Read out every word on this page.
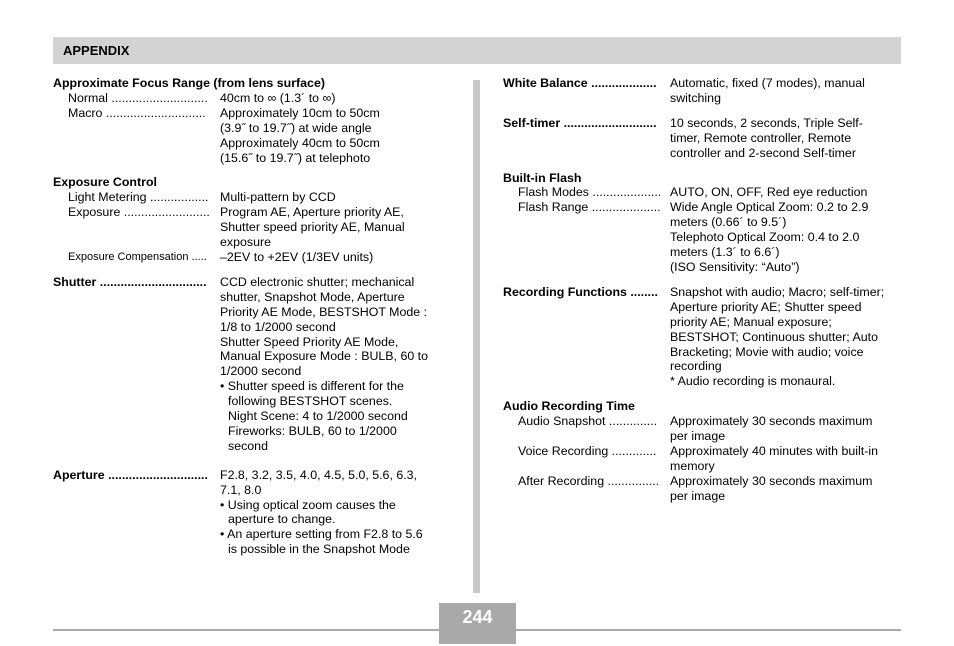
APPENDIX
Approximate Focus Range (from lens surface)
Normal ............................ 40cm to ∞ (1.3´ to ∞)
Macro .............................	Approximately 10cm to 50cm
(3.9˝ to 19.7˝) at wide angle
Approximately 40cm to 50cm
(15.6˝ to 19.7˝) at telephoto
Exposure Control
Light Metering ................. Multi-pattern by CCD
Exposure ......................... Program AE, Aperture priority AE,
Shutter speed priority AE, Manual
exposure
Exposure Compensation .....	–2EV to +2EV (1/3EV units)
Shutter ...............................	CCD electronic shutter; mechanical
shutter, Snapshot Mode, Aperture
Priority AE Mode, BESTSHOT Mode :
1/8 to 1/2000 second
Shutter Speed Priority AE Mode,
Manual Exposure Mode : BULB, 60 to
1/2000 second
• Shutter speed is different for the
following BESTSHOT scenes.
Night Scene: 4 to 1/2000 second
Fireworks: BULB, 60 to 1/2000
second
Aperture ............................. F2.8, 3.2, 3.5, 4.0, 4.5, 5.0, 5.6, 6.3,
7.1, 8.0
• Using optical zoom causes the
aperture to change.
• An aperture setting from F2.8 to 5.6
is possible in the Snapshot Mode
White Balance ...................	Automatic, fixed (7 modes), manual
switching
Self-timer ...........................	10 seconds, 2 seconds, Triple Self-
timer, Remote controller, Remote
controller and 2-second Self-timer
Built-in Flash
Flash Modes .................... AUTO, ON, OFF, Red eye reduction
Flash Range .................... Wide Angle Optical Zoom: 0.2 to 2.9
meters (0.66´ to 9.5´)
Telephoto Optical Zoom: 0.4 to 2.0
meters (1.3´ to 6.6´)
(ISO Sensitivity: “Auto”)
Recording Functions ........ Snapshot with audio; Macro; self-timer;
Aperture priority AE; Shutter speed
priority AE; Manual exposure;
BESTSHOT; Continuous shutter; Auto
Bracketing; Movie with audio; voice
recording
* Audio recording is monaural.
Audio Recording Time
Audio Snapshot ..............	Approximately 30 seconds maximum
per image
Voice Recording .............	Approximately 40 minutes with built-in
memory
After Recording ............... Approximately 30 seconds maximum
per image
244
